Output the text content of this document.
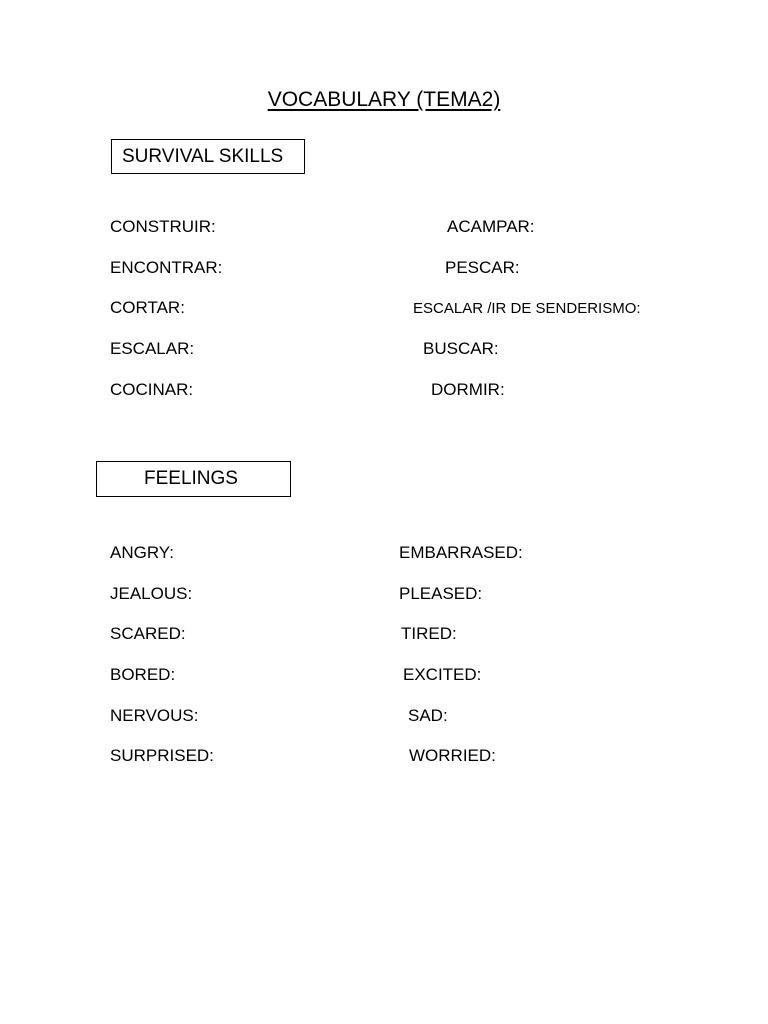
VOCABULARY (TEMA2)
SURVIVAL SKILLS
CONSTRUIR:
ENCONTRAR:
CORTAR:
ESCALAR:
COCINAR:
ACAMPAR:
PESCAR:
ESCALAR /IR DE SENDERISMO:
BUSCAR:
DORMIR:
FEELINGS
ANGRY:
JEALOUS:
SCARED:
BORED:
NERVOUS:
SURPRISED:
EMBARRASED:
PLEASED:
TIRED:
EXCITED:
SAD:
WORRIED:
